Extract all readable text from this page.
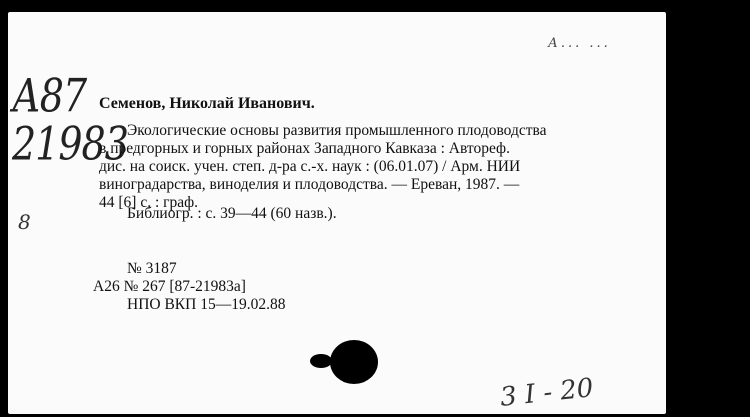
А... ...
А87
21983
8
Семенов, Николай Иванович.
Экологические основы развития промышленного плодоводства
в предгорных и горных районах Западного Кавказа : Автореф.
дис. на соиск. учен. степ. д-ра с.-х. наук : (06.01.07) / Арм. НИИ
виноградарства, виноделия и плодоводства. — Ереван, 1987. —
44 [6] с. : граф.
Библиогр. : с. 39—44 (60 назв.).
№ 3187
А26 № 267 [87-21983а]
НПО ВКП 15—19.02.88
3 I - 20
